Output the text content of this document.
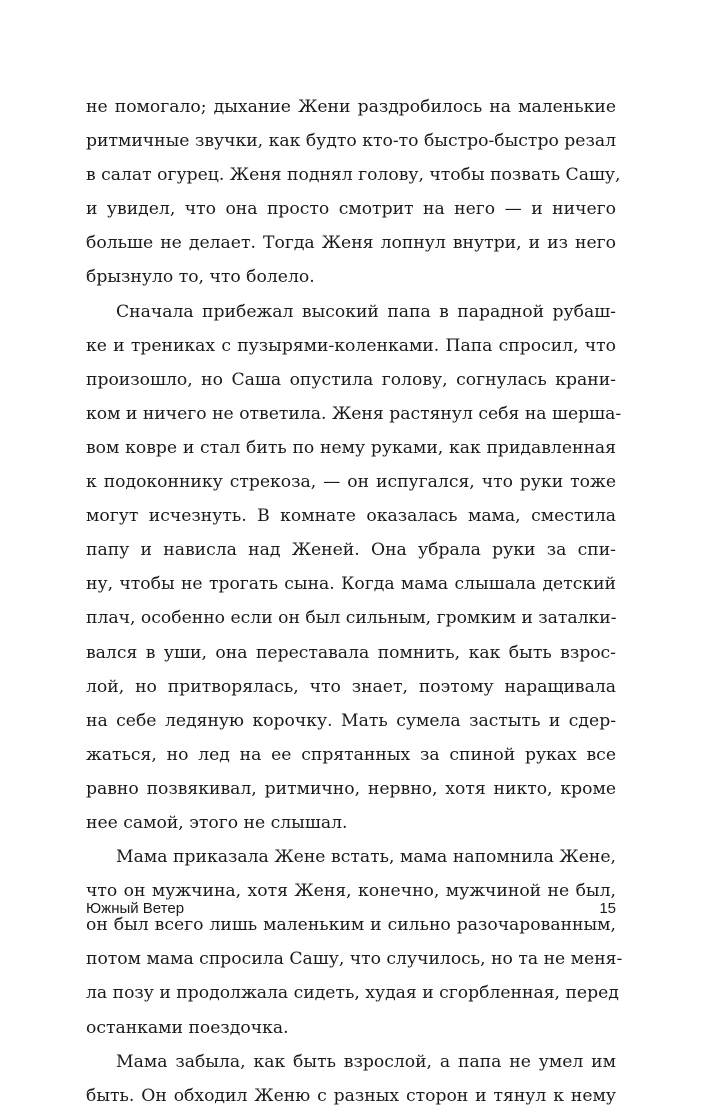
не помогало; дыхание Жени раздробилось на маленькие
ритмичные звучки, как будто кто-то быстро-быстро резал
в салат огурец. Женя поднял голову, чтобы позвать Сашу,
и увидел, что она просто смотрит на него — и ничего
больше не делает. Тогда Женя лопнул внутри, и из него
брызнуло то, что болело.
Сначала прибежал высокий папа в парадной рубаш-
ке и трениках с пузырями-коленками. Папа спросил, что
произошло, но Саша опустила голову, согнулась крани-
ком и ничего не ответила. Женя растянул себя на шерша-
вом ковре и стал бить по нему руками, как придавленная
к подоконнику стрекоза, — он испугался, что руки тоже
могут исчезнуть. В комнате оказалась мама, сместила
папу и нависла над Женей. Она убрала руки за спи-
ну, чтобы не трогать сына. Когда мама слышала детский
плач, особенно если он был сильным, громким и заталки-
вался в уши, она переставала помнить, как быть взрос-
лой, но притворялась, что знает, поэтому наращивала
на себе ледяную корочку. Мать сумела застыть и сдер-
жаться, но лед на ее спрятанных за спиной руках все
равно позвякивал, ритмично, нервно, хотя никто, кроме
нее самой, этого не слышал.
Мама приказала Жене встать, мама напомнила Жене,
что он мужчина, хотя Женя, конечно, мужчиной не был,
он был всего лишь маленьким и сильно разочарованным,
потом мама спросила Сашу, что случилось, но та не меня-
ла позу и продолжала сидеть, худая и сгорбленная, перед
останками поездочка.
Мама забыла, как быть взрослой, а папа не умел им
быть. Он обходил Женю с разных сторон и тянул к нему
Южный Ветер	15
